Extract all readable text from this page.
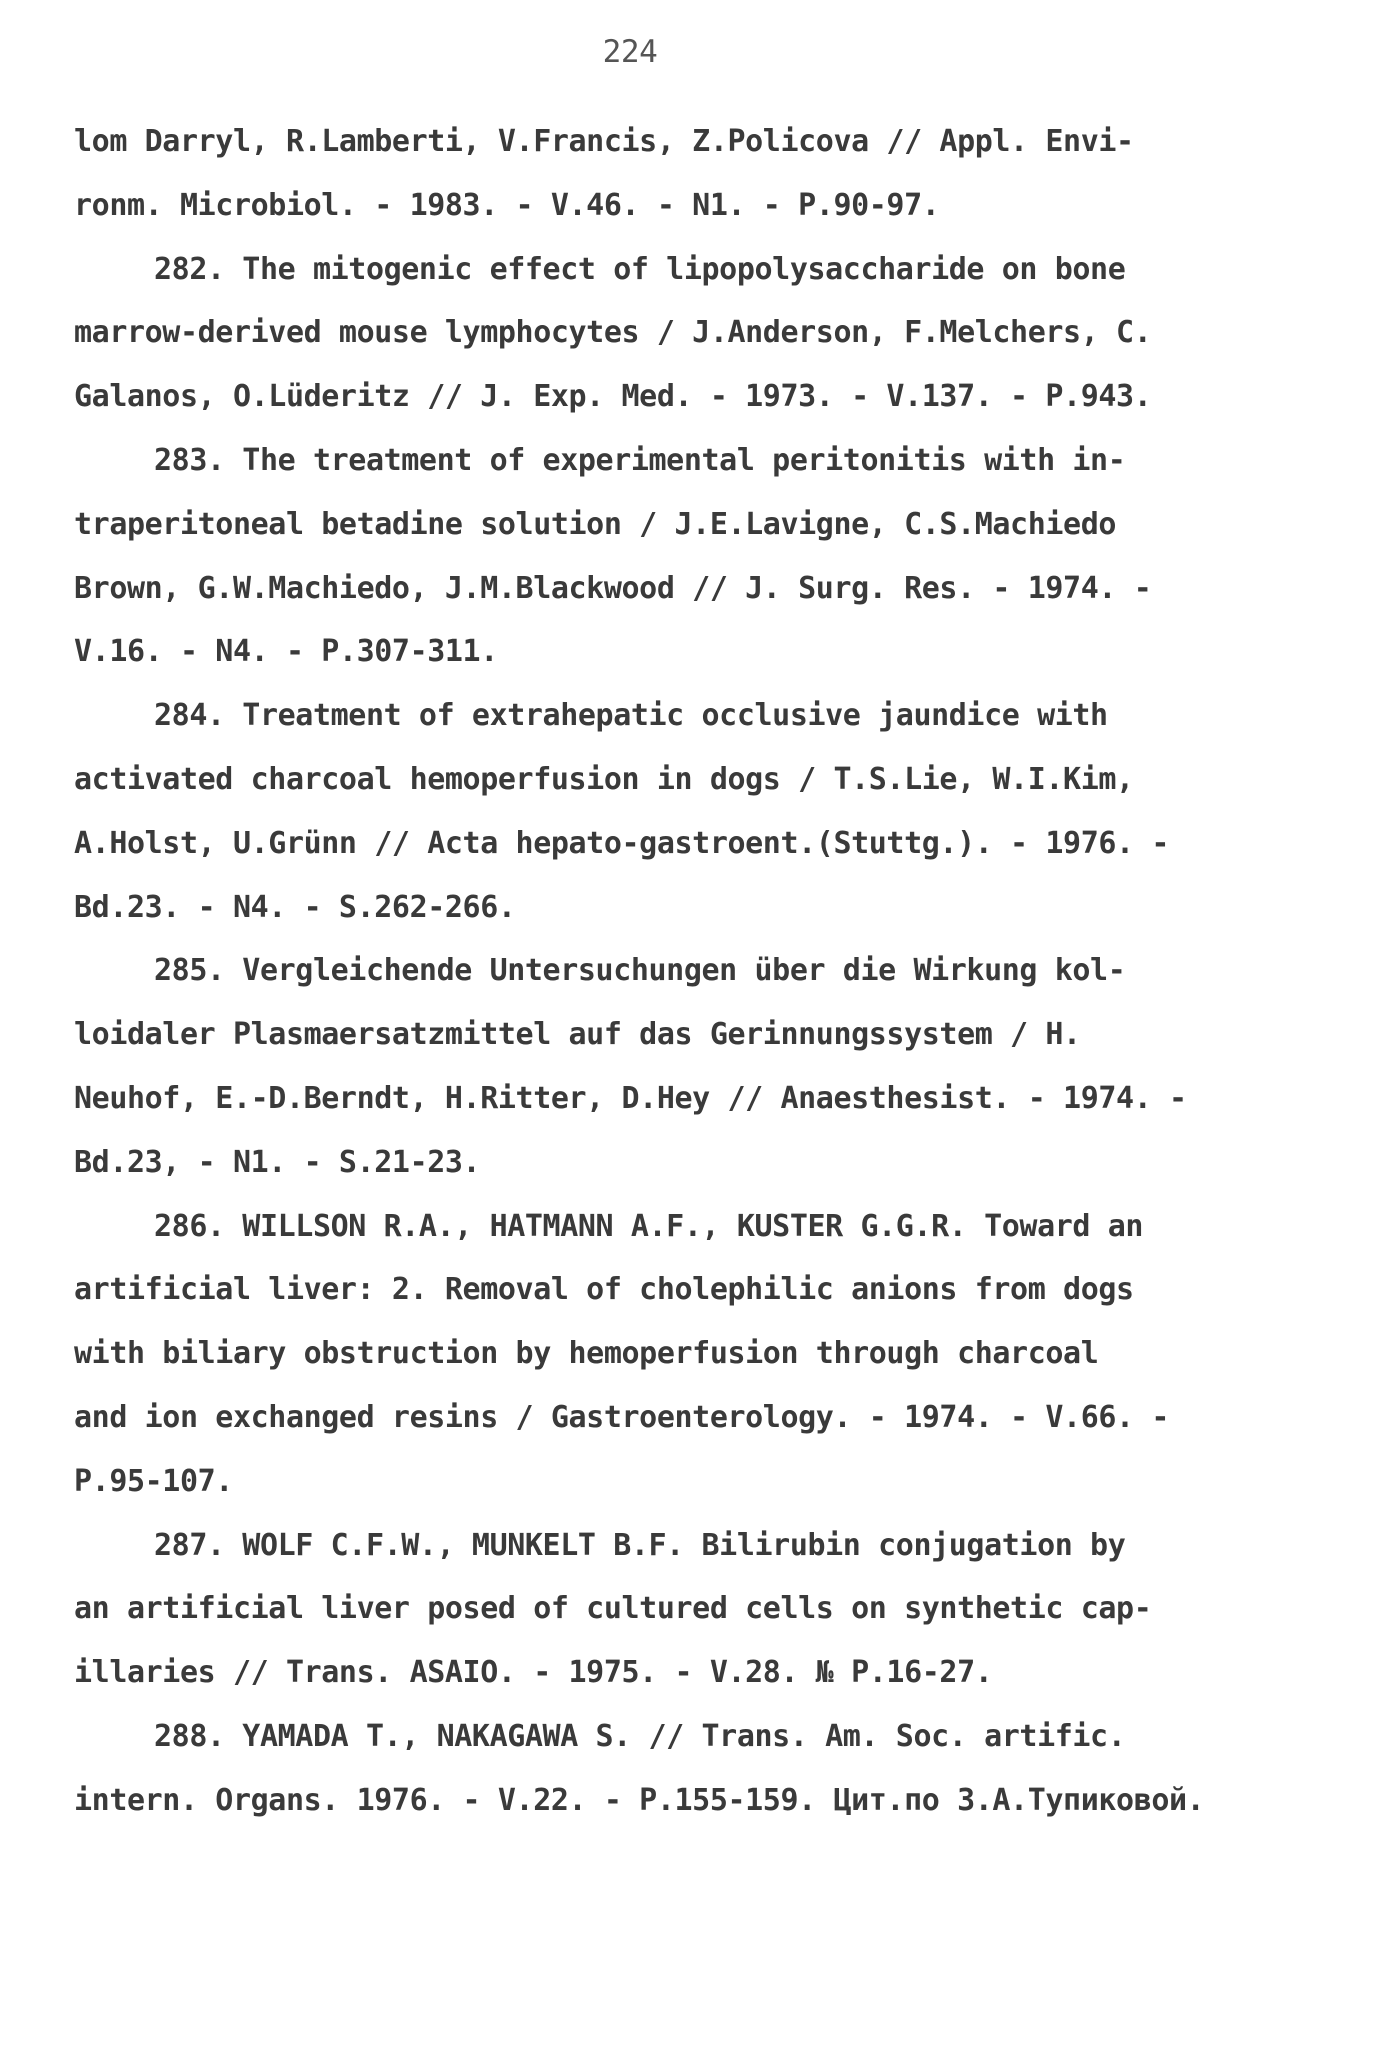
224
lom Darryl, R.Lamberti, V.Francis, Z.Policova // Appl. Envi-
ronm. Microbiol. - 1983. - V.46. - N1. - P.90-97.
282. The mitogenic effect of lipopolysaccharide on bone
marrow-derived mouse lymphocytes / J.Anderson, F.Melchers, C.
Galanos, O.Lüderitz // J. Exp. Med. - 1973. - V.137. - P.943.
283. The treatment of experimental peritonitis with in-
traperitoneal betadine solution / J.E.Lavigne, C.S.Machiedo
Brown, G.W.Machiedo, J.M.Blackwood // J. Surg. Res. - 1974. -
V.16. - N4. - P.307-311.
284. Treatment of extrahepatic occlusive jaundice with
activated charcoal hemoperfusion in dogs / T.S.Lie, W.I.Kim,
A.Holst, U.Grünn // Acta hepato-gastroent.(Stuttg.). - 1976. -
Bd.23. - N4. - S.262-266.
285. Vergleichende Untersuchungen über die Wirkung kol-
loidaler Plasmaersatzmittel auf das Gerinnungssystem / H.
Neuhof, E.-D.Berndt, H.Ritter, D.Hey // Anaesthesist. - 1974. -
Bd.23, - N1. - S.21-23.
286. WILLSON R.A., HATMANN A.F., KUSTER G.G.R. Toward an
artificial liver: 2. Removal of cholephilic anions from dogs
with biliary obstruction by hemoperfusion through charcoal
and ion exchanged resins / Gastroenterology. - 1974. - V.66. -
P.95-107.
287. WOLF C.F.W., MUNKELT B.F. Bilirubin conjugation by
an artificial liver posed of cultured cells on synthetic cap-
illaries // Trans. ASAIO. - 1975. - V.28. № P.16-27.
288. YAMADA T., NAKAGAWA S. // Trans. Am. Soc. artific.
intern. Organs. 1976. - V.22. - P.155-159. Цит.по З.А.Тупиковой.
